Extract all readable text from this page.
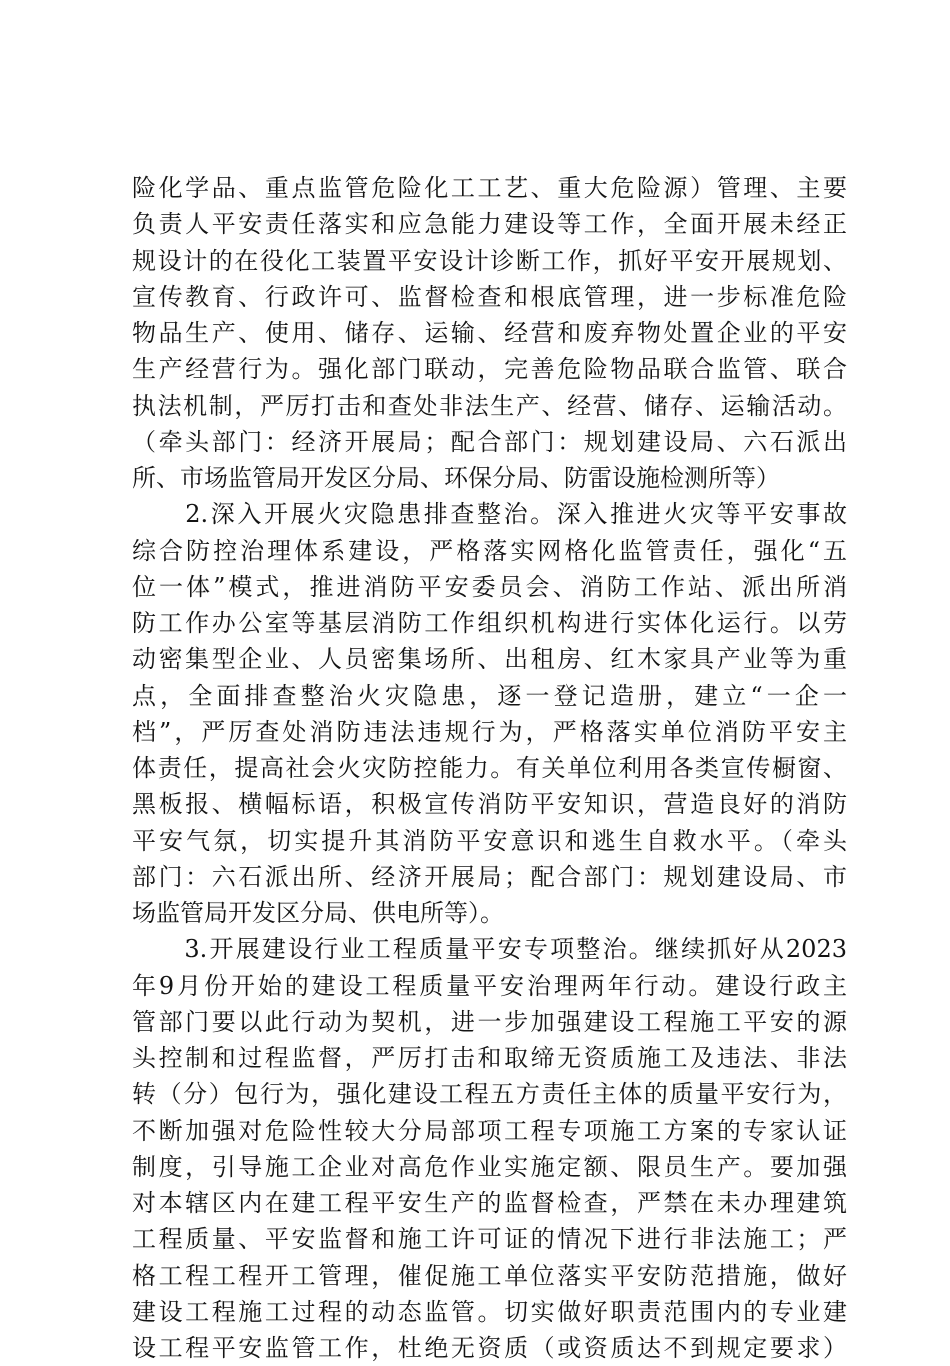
险化学品、重点监管危险化工工艺、重大危险源）管理、主要
负责人平安责任落实和应急能力建设等工作，全面开展未经正
规设计的在役化工装置平安设计诊断工作，抓好平安开展规划、
宣传教育、行政许可、监督检查和根底管理，进一步标准危险
物品生产、使用、储存、运输、经营和废弃物处置企业的平安
生产经营行为。强化部门联动，完善危险物品联合监管、联合
执法机制，严厉打击和查处非法生产、经营、储存、运输活动。
（牵头部门：经济开展局；配合部门：规划建设局、六石派出
所、市场监管局开发区分局、环保分局、防雷设施检测所等）
　　2.深入开展火灾隐患排查整治。深入推进火灾等平安事故
综合防控治理体系建设，严格落实网格化监管责任，强化“五
位一体”模式，推进消防平安委员会、消防工作站、派出所消
防工作办公室等基层消防工作组织机构进行实体化运行。以劳
动密集型企业、人员密集场所、出租房、红木家具产业等为重
点，全面排查整治火灾隐患，逐一登记造册，建立“一企一
档”，严厉查处消防违法违规行为，严格落实单位消防平安主
体责任，提高社会火灾防控能力。有关单位利用各类宣传橱窗、
黑板报、横幅标语，积极宣传消防平安知识，营造良好的消防
平安气氛，切实提升其消防平安意识和逃生自救水平。（牵头
部门：六石派出所、经济开展局；配合部门：规划建设局、市
场监管局开发区分局、供电所等）。
　　3.开展建设行业工程质量平安专项整治。继续抓好从2023
年9月份开始的建设工程质量平安治理两年行动。建设行政主
管部门要以此行动为契机，进一步加强建设工程施工平安的源
头控制和过程监督，严厉打击和取缔无资质施工及违法、非法
转（分）包行为，强化建设工程五方责任主体的质量平安行为，
不断加强对危险性较大分局部项工程专项施工方案的专家认证
制度，引导施工企业对高危作业实施定额、限员生产。要加强
对本辖区内在建工程平安生产的监督检查，严禁在未办理建筑
工程质量、平安监督和施工许可证的情况下进行非法施工；严
格工程工程开工管理，催促施工单位落实平安防范措施，做好
建设工程施工过程的动态监管。切实做好职责范围内的专业建
设工程平安监管工作，杜绝无资质（或资质达不到规定要求）
